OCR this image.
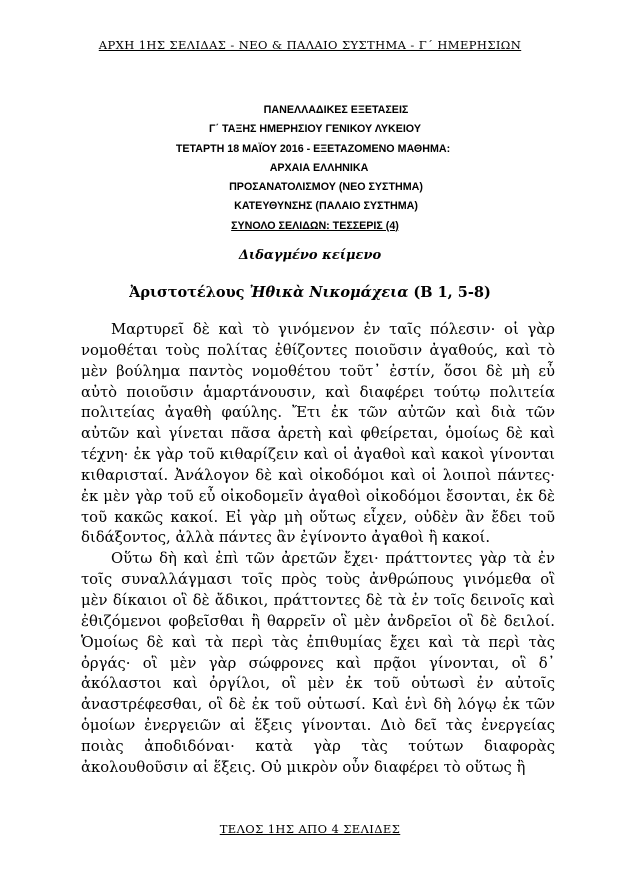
ΑΡΧΗ 1ΗΣ ΣΕΛΙΔΑΣ - ΝΕΟ & ΠΑΛΑΙΟ ΣΥΣΤΗΜΑ - Γ΄ ΗΜΕΡΗΣΙΩΝ
ΠΑΝΕΛΛΑΔΙΚΕΣ ΕΞΕΤΑΣΕΙΣ
Γ΄ ΤΑΞΗΣ ΗΜΕΡΗΣΙΟΥ ΓΕΝΙΚΟΥ ΛΥΚΕΙΟΥ
ΤΕΤΑΡΤΗ 18 ΜΑΪΟΥ 2016 - ΕΞΕΤΑΖΟΜΕΝΟ ΜΑΘΗΜΑ:
ΑΡΧΑΙΑ ΕΛΛΗΝΙΚΑ
ΠΡΟΣΑΝΑΤΟΛΙΣΜΟΥ (ΝΕΟ ΣΥΣΤΗΜΑ)
ΚΑΤΕΥΘΥΝΣΗΣ (ΠΑΛΑΙΟ ΣΥΣΤΗΜΑ)
ΣΥΝΟΛΟ ΣΕΛΙΔΩΝ: ΤΕΣΣΕΡΙΣ (4)
Διδαγμένο κείμενο
Ἀριστοτέλους Ἠθικὰ Νικομάχεια (Β 1, 5-8)

Μαρτυρεῖ δὲ καὶ τὸ γινόμενον ἐν ταῖς πόλεσιν· οἱ γὰρ νομοθέται τοὺς πολίτας ἐθίζοντες ποιοῦσιν ἀγαθούς, καὶ τὸ μὲν βούλημα παντὸς νομοθέτου τοῦτ᾽ ἐστίν, ὅσοι δὲ μὴ εὖ αὐτὸ ποιοῦσιν ἁμαρτάνουσιν, καὶ διαφέρει τούτῳ πολιτεία πολιτείας ἀγαθὴ φαύλης. Ἔτι ἐκ τῶν αὐτῶν καὶ διὰ τῶν αὐτῶν καὶ γίνεται πᾶσα ἀρετὴ καὶ φθείρεται, ὁμοίως δὲ καὶ τέχνη· ἐκ γὰρ τοῦ κιθαρίζειν καὶ οἱ ἀγαθοὶ καὶ κακοὶ γίνονται κιθαρισταί. Ἀνάλογον δὲ καὶ οἰκοδόμοι καὶ οἱ λοιποὶ πάντες· ἐκ μὲν γὰρ τοῦ εὖ οἰκοδομεῖν ἀγαθοὶ οἰκοδόμοι ἔσονται, ἐκ δὲ τοῦ κακῶς κακοί. Εἰ γὰρ μὴ οὕτως εἶχεν, οὐδὲν ἂν ἔδει τοῦ διδάξοντος, ἀλλὰ πάντες ἂν ἐγίνοντο ἀγαθοὶ ἢ κακοί.

Οὕτω δὴ καὶ ἐπὶ τῶν ἀρετῶν ἔχει· πράττοντες γὰρ τὰ ἐν τοῖς συναλλάγμασι τοῖς πρὸς τοὺς ἀνθρώπους γινόμεθα οἳ μὲν δίκαιοι οἳ δὲ ἄδικοι, πράττοντες δὲ τὰ ἐν τοῖς δεινοῖς καὶ ἐθιζόμενοι φοβεῖσθαι ἢ θαρρεῖν οἳ μὲν ἀνδρεῖοι οἳ δὲ δειλοί. Ὁμοίως δὲ καὶ τὰ περὶ τὰς ἐπιθυμίας ἔχει καὶ τὰ περὶ τὰς ὀργάς· οἳ μὲν γὰρ σώφρονες καὶ πρᾷοι γίνονται, οἳ δ᾽ ἀκόλαστοι καὶ ὀργίλοι, οἳ μὲν ἐκ τοῦ οὑτωσὶ ἐν αὐτοῖς ἀναστρέφεσθαι, οἳ δὲ ἐκ τοῦ οὑτωσί. Καὶ ἑνὶ δὴ λόγῳ ἐκ τῶν ὁμοίων ἐνεργειῶν αἱ ἕξεις γίνονται. Διὸ δεῖ τὰς ἐνεργείας ποιὰς ἀποδιδόναι· κατὰ γὰρ τὰς τούτων διαφορὰς ἀκολουθοῦσιν αἱ ἕξεις. Οὐ μικρὸν οὖν διαφέρει τὸ οὕτως ἢ

ΤΕΛΟΣ 1ΗΣ ΑΠΟ 4 ΣΕΛΙΔΕΣ
